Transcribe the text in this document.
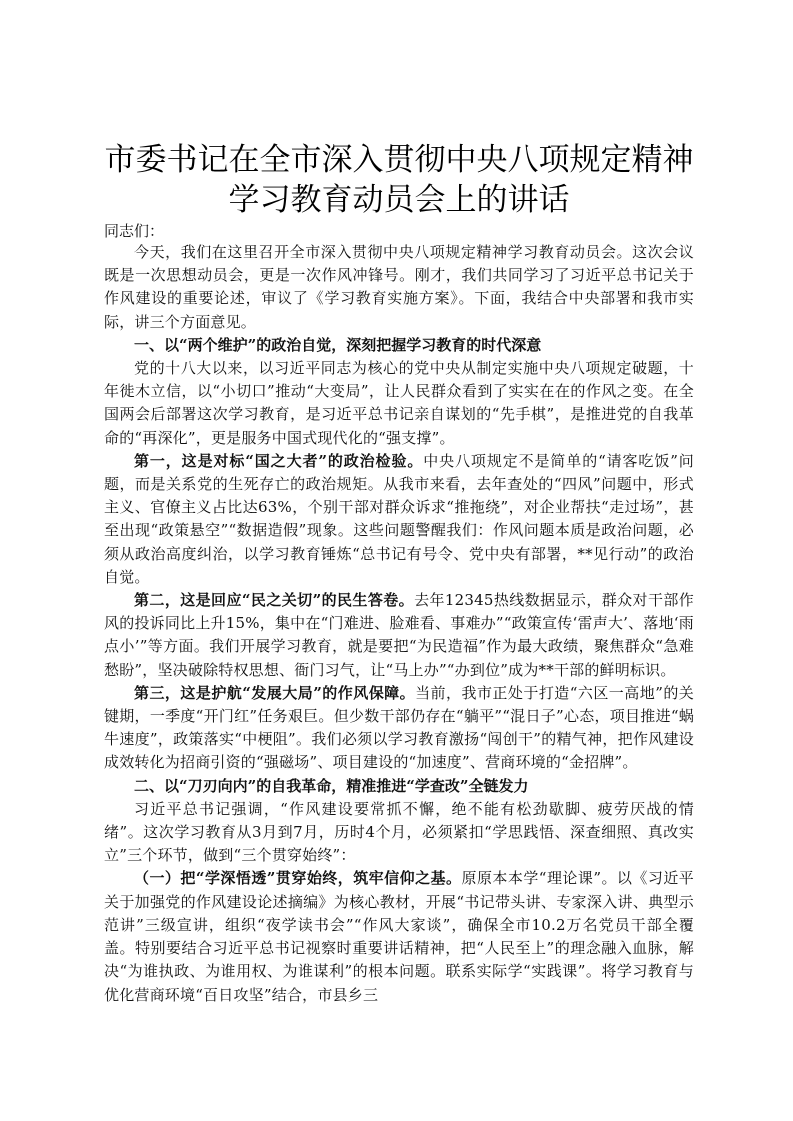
市委书记在全市深入贯彻中央八项规定精神学习教育动员会上的讲话
同志们：

今天，我们在这里召开全市深入贯彻中央八项规定精神学习教育动员会。这次会议既是一次思想动员会，更是一次作风冲锋号。刚才，我们共同学习了习近平总书记关于作风建设的重要论述，审议了《学习教育实施方案》。下面，我结合中央部署和我市实际，讲三个方面意见。

一、以“两个维护”的政治自觉，深刻把握学习教育的时代深意

党的十八大以来，以习近平同志为核心的党中央从制定实施中央八项规定破题，十年徙木立信，以“小切口”推动“大变局”，让人民群众看到了实实在在的作风之变。在全国两会后部署这次学习教育，是习近平总书记亲自谋划的“先手棋”，是推进党的自我革命的“再深化”，更是服务中国式现代化的“强支撑”。

第一，这是对标“国之大者”的政治检验。中央八项规定不是简单的“请客吃饭”问题，而是关系党的生死存亡的政治规矩。从我市来看，去年查处的“四风”问题中，形式主义、官僚主义占比达63%，个别干部对群众诉求“推拖绕”，对企业帮扶“走过场”，甚至出现“政策悬空”“数据造假”现象。这些问题警醒我们：作风问题本质是政治问题，必须从政治高度纠治，以学习教育锤炼“总书记有号令、党中央有部署，**见行动”的政治自觉。

第二，这是回应“民之关切”的民生答卷。去年12345热线数据显示，群众对干部作风的投诉同比上升15%，集中在“门难进、脸难看、事难办”“政策宣传‘雷声大’、落地‘雨点小’”等方面。我们开展学习教育，就是要把“为民造福”作为最大政绩，聚焦群众“急难愁盼”，坚决破除特权思想、衙门习气，让“马上办”“办到位”成为**干部的鲜明标识。

第三，这是护航“发展大局”的作风保障。当前，我市正处于打造“六区一高地”的关键期，一季度“开门红”任务艰巨。但少数干部仍存在“躺平”“混日子”心态，项目推进“蜗牛速度”，政策落实“中梗阻”。我们必须以学习教育激扬“闯创干”的精气神，把作风建设成效转化为招商引资的“强磁场”、项目建设的“加速度”、营商环境的“金招牌”。

二、以“刀刃向内”的自我革命，精准推进“学查改”全链发力

习近平总书记强调，“作风建设要常抓不懈，绝不能有松劲歇脚、疲劳厌战的情绪”。这次学习教育从3月到7月，历时4个月，必须紧扣“学思践悟、深查细照、真改实立”三个环节，做到“三个贯穿始终”：

（一）把“学深悟透”贯穿始终，筑牢信仰之基。原原本本学“理论课”。以《习近平关于加强党的作风建设论述摘编》为核心教材，开展“书记带头讲、专家深入讲、典型示范讲”三级宣讲，组织“夜学读书会”“作风大家谈”，确保全市10.2万名党员干部全覆盖。特别要结合习近平总书记视察时重要讲话精神，把“人民至上”的理念融入血脉，解决“为谁执政、为谁用权、为谁谋利”的根本问题。联系实际学“实践课”。将学习教育与优化营商环境“百日攻坚”结合，市县乡三
